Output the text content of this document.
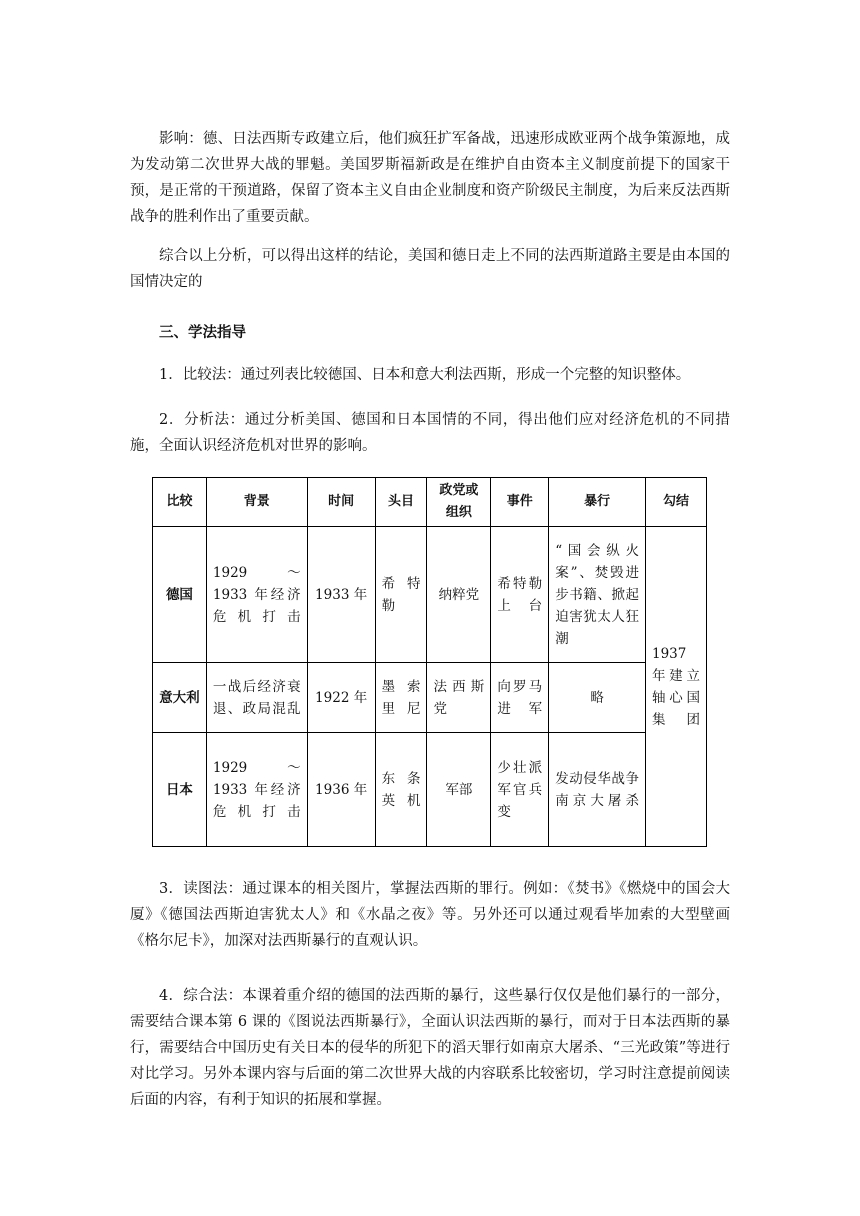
影响：德、日法西斯专政建立后，他们疯狂扩军备战，迅速形成欧亚两个战争策源地，成为发动第二次世界大战的罪魁。美国罗斯福新政是在维护自由资本主义制度前提下的国家干预，是正常的干预道路，保留了资本主义自由企业制度和资产阶级民主制度，为后来反法西斯战争的胜利作出了重要贡献。

综合以上分析，可以得出这样的结论，美国和德日走上不同的法西斯道路主要是由本国的国情决定的

三、学法指导

1．比较法：通过列表比较德国、日本和意大利法西斯，形成一个完整的知识整体。

2．分析法：通过分析美国、德国和日本国情的不同，得出他们应对经济危机的不同措施，全面认识经济危机对世界的影响。

比较	背景	时间	头目	政党或组织	事件	暴行	勾结
德国	1929 ～ 1933 年经济危机打击	1933 年	希特勒	纳粹党	希特勒上台	“国会纵火案”、焚毁进步书籍、掀起迫害犹太人狂潮	1937 年建立轴心国集团
意大利	一战后经济衰退、政局混乱	1922 年	墨索里尼	法西斯党	向罗马进军	略	
日本	1929 ～ 1933 年经济危机打击	1936 年	东条英机	军部	少壮派军官兵变	发动侵华战争 南京大屠杀	

3．读图法：通过课本的相关图片，掌握法西斯的罪行。例如：《焚书》《燃烧中的国会大厦》《德国法西斯迫害犹太人》和《水晶之夜》等。另外还可以通过观看毕加索的大型壁画《格尔尼卡》，加深对法西斯暴行的直观认识。

4．综合法：本课着重介绍的德国的法西斯的暴行，这些暴行仅仅是他们暴行的一部分，需要结合课本第 6 课的《图说法西斯暴行》，全面认识法西斯的暴行，而对于日本法西斯的暴行，需要结合中国历史有关日本的侵华的所犯下的滔天罪行如南京大屠杀、“三光政策”等进行对比学习。另外本课内容与后面的第二次世界大战的内容联系比较密切，学习时注意提前阅读后面的内容，有利于知识的拓展和掌握。
